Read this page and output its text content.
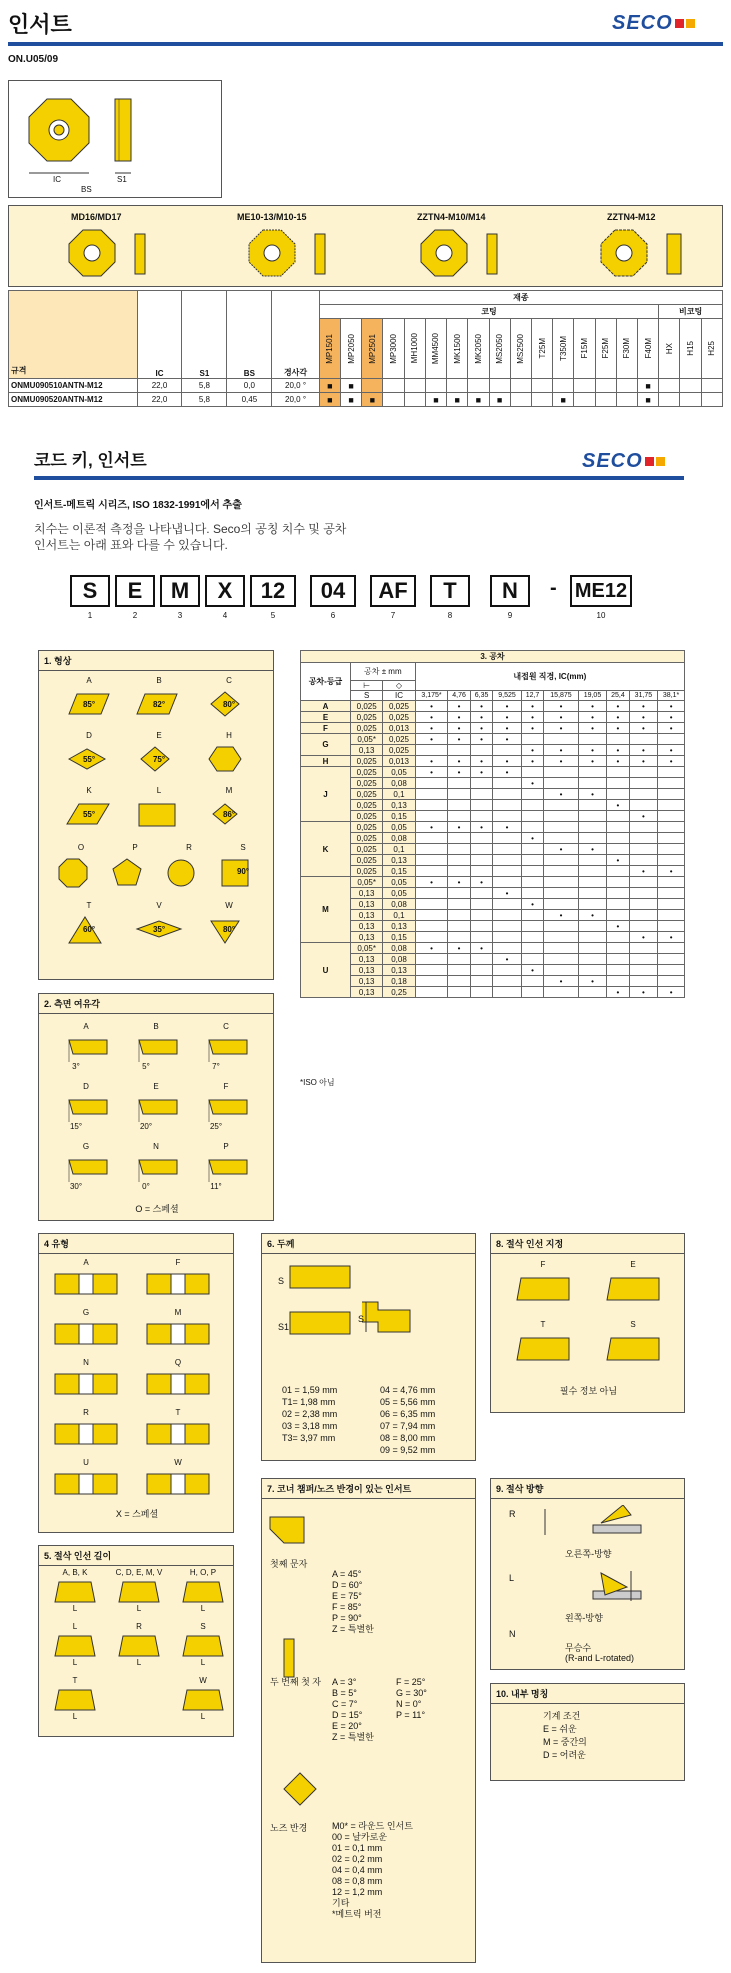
인서트	SECO
ON.U05/09
IC
BS
S1
MD16/MD17	ME10-13/M10-15	ZZTN4-M10/M14	ZZTN4-M12
규격	IC	S1	BS	경사각	재종																		
					코팅																비코팅		

					MP1501	MP2050	MP2501	MP3000	MH1000	MM4500	MK1500	MK2050	MS2050	MS2500	T25M	T350M	F15M	F25M	F30M	F40M	HX	H15	H25

ONMU090510ANTN-M12	22,0	5,8	0,0	20,0 °	■	■														■			
ONMU090520ANTN-M12	22,0	5,8	0,45	20,0 °	■	■	■			■	■	■	■			■				■			
코드 키, 인서트	SECO
인서트-메트릭 시리즈, ISO 1832-1991에서 추출
치수는 이론적 측정을 나타냅니다. Seco의 공칭 치수 및 공차
인서트는 아래 표와 다를 수 있습니다.
S
1
E
2
M
3
X
4
12
5
04
6
AF
7
T
8
N
9
ME12
10
-
1. 형상
A
85°
B
82°
C
80°
D
55°
E
75°
H
K
55°
L	M
86°
O	P	R	S
90°
T
60°
V
35°
W
80°
2. 측면 여유각
A
3°
B
5°
C
7°
D
15°
E
20°
F
25°
G
30°
N
0°
P
11°
O = 스페셜
3. 공차												
공차-등급	공차 ± mm		내접원 직경, IC(mm)									
	⊢	◇										
	S	IC	3,175*	4,76	6,35	9,525	12,7	15,875	19,05	25,4	31,75	38,1*
A	0,025	0,025	•	•	•	•	•	•	•	•	•	•
E	0,025	0,025	•	•	•	•	•	•	•	•	•	•
F	0,025	0,013	•	•	•	•	•	•	•	•	•	•
G	0,05*	0,025	•	•	•	•						
	0,13	0,025					•	•	•	•	•	•
H	0,025	0,013	•	•	•	•	•	•	•	•	•	•
J	0,025	0,05	•	•	•	•						
	0,025	0,08					•					
	0,025	0,1						•	•			
	0,025	0,13								•		
	0,025	0,15									•	
K	0,025	0,05	•	•	•	•						
	0,025	0,08					•					
	0,025	0,1						•	•			
	0,025	0,13								•		
	0,025	0,15									•	•
M	0,05*	0,05	•	•	•							
	0,13	0,05				•						
	0,13	0,08					•					
	0,13	0,1						•	•			
	0,13	0,13								•		
	0,13	0,15									•	•
U	0,05*	0,08	•	•	•							
	0,13	0,08				•						
	0,13	0,13					•					
	0,13	0,18						•	•			
	0,13	0,25								•	•	•
*ISO 아님
4 유형
A	F
G	M
N	Q
R	T
U	W
X = 스페셜
6. 두께
S
S1
S
01 = 1,59 mm
T1= 1,98 mm
02 = 2,38 mm
03 = 3,18 mm
T3= 3,97 mm
04 = 4,76 mm
05 = 5,56 mm
06 = 6,35 mm
07 = 7,94 mm
08 = 8,00 mm
09 = 9,52 mm
8. 절삭 인선 지정
F	E
T	S
필수 정보 아님
5. 절삭 인선 길이
A, B, K
L
C, D, E, M, V
L
H, O, P
L
L
L
R
L
S
L
T
L
W
L
7. 코너 챔퍼/노즈 반경이 있는 인서트
첫째 문자
A = 45°
D = 60°
E = 75°
F = 85°
P = 90°
Z = 특별한
두 번째 첫 자	A = 3°
B = 5°
C = 7°
D = 15°
E = 20°
Z = 특별한
F = 25°
G = 30°
N = 0°
P = 11°
노즈 반경	M0* = 라운드 인서트
00 = 날카로운
01 = 0,1 mm
02 = 0,2 mm
04 = 0,4 mm
08 = 0,8 mm
12 = 1,2 mm
기타
*메트릭 버전
9. 절삭 방향
R
L
N
오른쪽-방향
왼쪽-방향
무승수
(R-and L-rotated)
10. 내부 명칭
기계 조건
E = 쉬운
M = 중간의
D = 어려운
